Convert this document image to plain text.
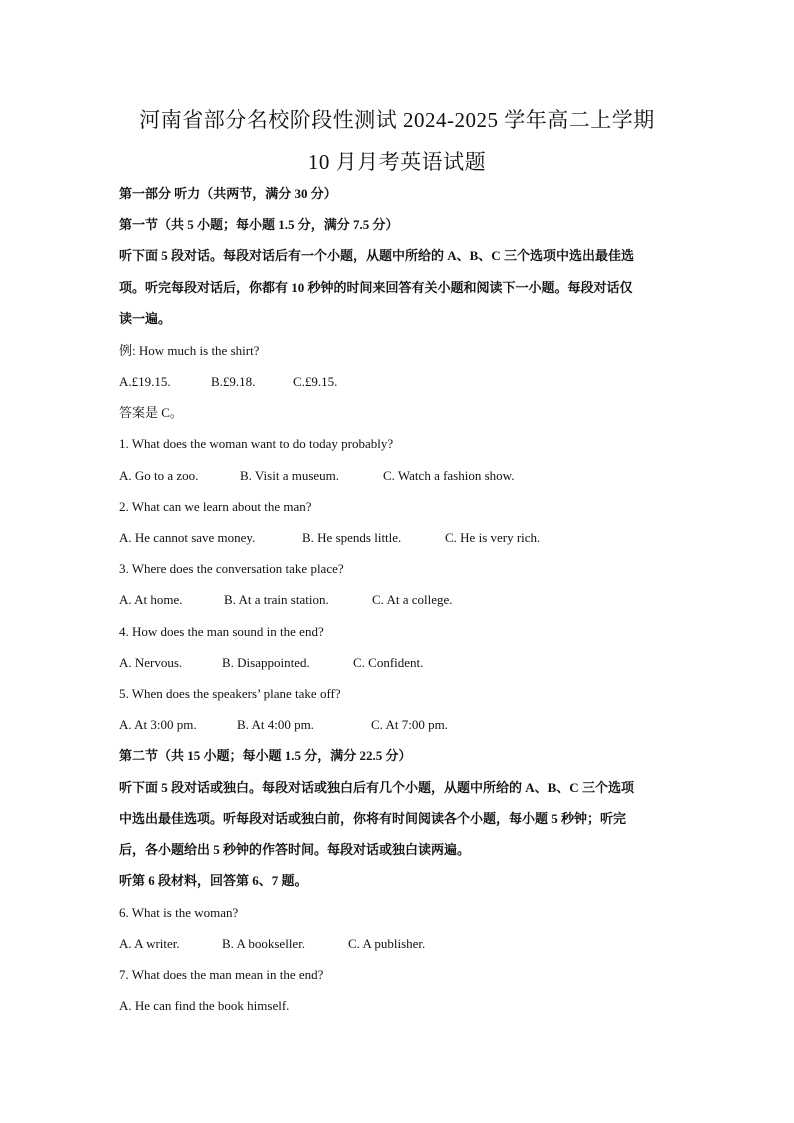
河南省部分名校阶段性测试 2024-2025 学年高二上学期
10 月月考英语试题
第一部分 听力（共两节，满分 30 分）
第一节（共 5 小题；每小题 1.5 分，满分 7.5 分）
听下面 5 段对话。每段对话后有一个小题，从题中所给的 A、B、C 三个选项中选出最佳选
项。听完每段对话后，你都有 10 秒钟的时间来回答有关小题和阅读下一小题。每段对话仅
读一遍。
例: How much is the shirt?
A.£19.15.	B.£9.18.	C.£9.15.
答案是 C。
1. What does the woman want to do today probably?
A. Go to a zoo.	B. Visit a museum.	C. Watch a fashion show.
2. What can we learn about the man?
A. He cannot save money.	B. He spends little.	C. He is very rich.
3. Where does the conversation take place?
A. At home.	B. At a train station.	C. At a college.
4. How does the man sound in the end?
A. Nervous.	B. Disappointed.	C. Confident.
5. When does the speakers’ plane take off?
A. At 3:00 pm.	B. At 4:00 pm.	C. At 7:00 pm.
第二节（共 15 小题；每小题 1.5 分，满分 22.5 分）
听下面 5 段对话或独白。每段对话或独白后有几个小题，从题中所给的 A、B、C 三个选项
中选出最佳选项。听每段对话或独白前，你将有时间阅读各个小题，每小题 5 秒钟；听完
后，各小题给出 5 秒钟的作答时间。每段对话或独白读两遍。
听第 6 段材料，回答第 6、7 题。
6. What is the woman?
A. A writer.	B. A bookseller.	C. A publisher.
7. What does the man mean in the end?
A. He can find the book himself.
